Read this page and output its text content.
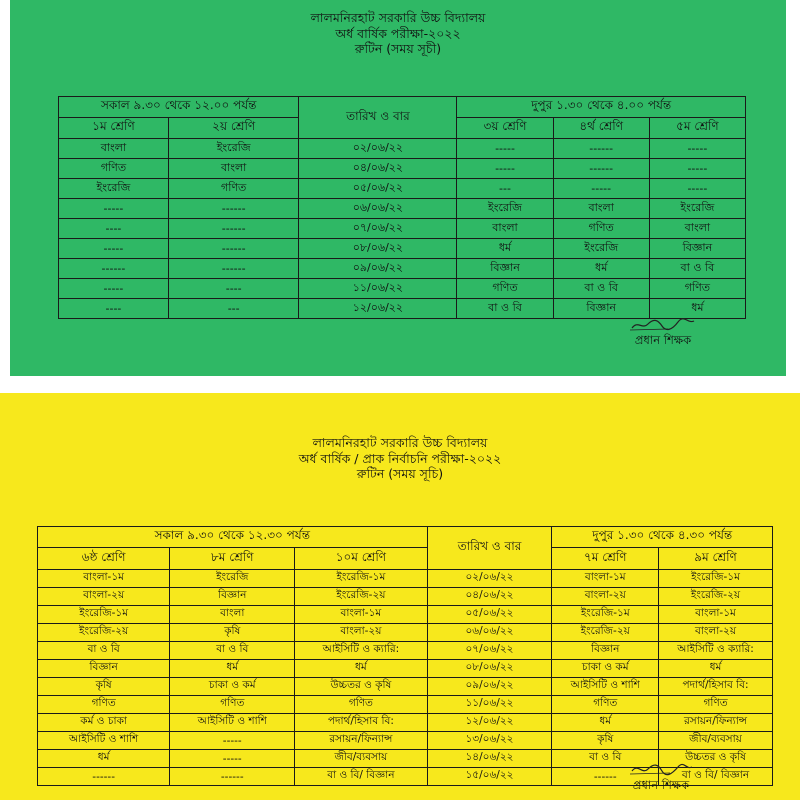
লালমনিরহাট সরকারি উচ্চ বিদ্যালয়
অর্ধ বার্ষিক পরীক্ষা-২০২২
রুটিন (সময় সূচী)
সকাল ৯.৩০ থেকে ১২.০০ পর্যন্ত		তারিখ ও বার	দুপুর ১.৩০ থেকে ৪.০০ পর্যন্ত		
১ম শ্রেণি	২য় শ্রেণি		৩য় শ্রেণি	৪র্থ শ্রেণি	৫ম শ্রেণি
বাংলা	ইংরেজি	০২/০৬/২২	-----	------	-----
গণিত	বাংলা	০৪/০৬/২২	-----	------	-----
ইংরেজি	গণিত	০৫/০৬/২২	---	-----	-----
-----	------	০৬/০৬/২২	ইংরেজি	বাংলা	ইংরেজি
----	------	০৭/০৬/২২	বাংলা	গণিত	বাংলা
-----	------	০৮/০৬/২২	ধর্ম	ইংরেজি	বিজ্ঞান
------	------	০৯/০৬/২২	বিজ্ঞান	ধর্ম	বা ও বি
-----	----	১১/০৬/২২	গণিত	বা ও বি	গণিত
----	---	১২/০৬/২২	বা ও বি	বিজ্ঞান	ধর্ম
প্রধান শিক্ষক
লালমনিরহাট সরকারি উচ্চ বিদ্যালয়
অর্ধ বার্ষিক / প্রাক নির্বাচনি পরীক্ষা-২০২২
রুটিন (সময় সূচি)
সকাল ৯.৩০ থেকে ১২.৩০ পর্যন্ত			তারিখ ও বার	দুপুর ১.৩০ থেকে ৪.৩০ পর্যন্ত	
৬ষ্ঠ শ্রেণি	৮ম শ্রেণি	১০ম শ্রেণি		৭ম শ্রেণি	৯ম শ্রেণি
বাংলা-১ম	ইংরেজি	ইংরেজি-১ম	০২/০৬/২২	বাংলা-১ম	ইংরেজি-১ম
বাংলা-২য়	বিজ্ঞান	ইংরেজি-২য়	০৪/০৬/২২	বাংলা-২য়	ইংরেজি-২য়
ইংরেজি-১ম	বাংলা	বাংলা-১ম	০৫/০৬/২২	ইংরেজি-১ম	বাংলা-১ম
ইংরেজি-২য়	কৃষি	বাংলা-২য়	০৬/০৬/২২	ইংরেজি-২য়	বাংলা-২য়
বা ও বি	বা ও বি	আইসিটি ও ক্যারি:	০৭/০৬/২২	বিজ্ঞান	আইসিটি ও ক্যারি:
বিজ্ঞান	ধর্ম	ধর্ম	০৮/০৬/২২	চাকা ও কর্ম	ধর্ম
কৃষি	চাকা ও কর্ম	উচ্চতর ও কৃষি	০৯/০৬/২২	আইসিটি ও শাশি	পদার্থ/হিসাব বি:
গণিত	গণিত	গণিত	১১/০৬/২২	গণিত	গণিত
কর্ম ও চাকা	আইসিটি ও শাশি	পদার্থ/হিসাব বি:	১২/০৬/২২	ধর্ম	রসায়ন/ফিন্যান্স
আইসিটি ও শাশি	-----	রসায়ন/ফিন্যান্স	১৩/০৬/২২	কৃষি	জীব/ব্যবসায়
ধর্ম	-----	জীব/ব্যবসায়	১৪/০৬/২২	বা ও বি	উচ্চতর ও কৃষি
------	------	বা ও বি/ বিজ্ঞান	১৫/০৬/২২	------	বা ও বি/ বিজ্ঞান
প্রধান শিক্ষক
